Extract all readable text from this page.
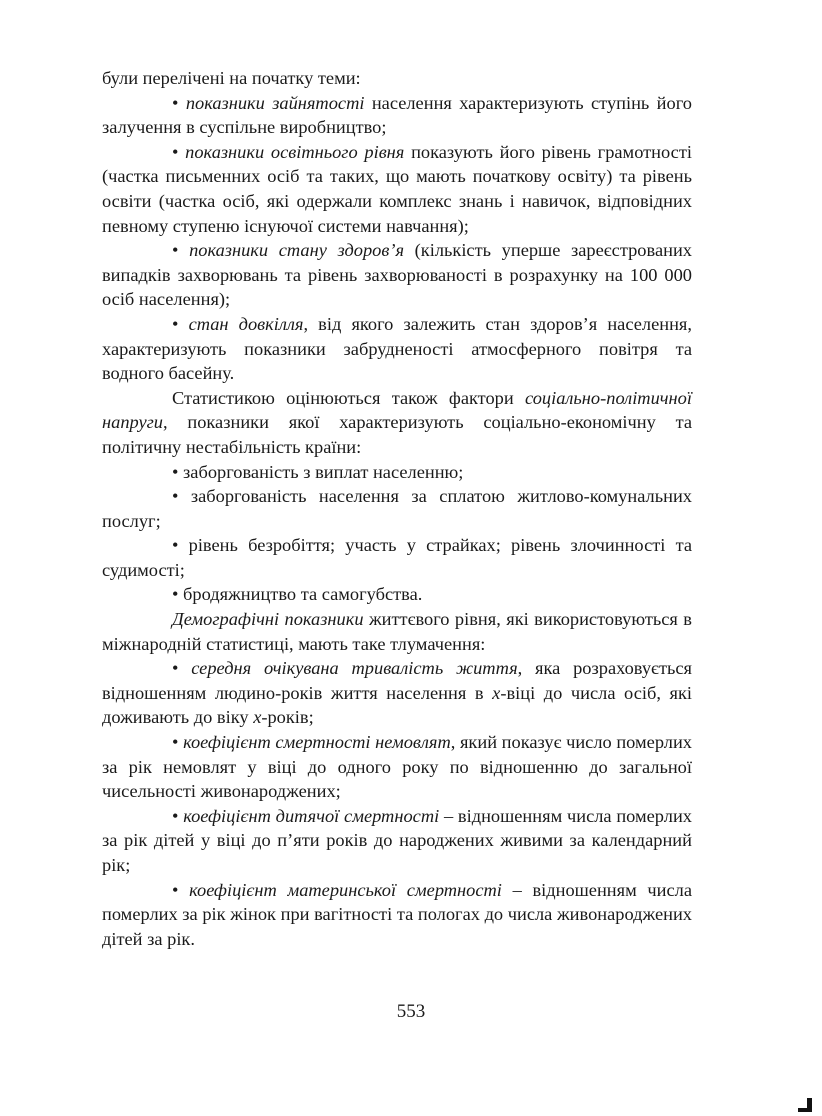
були перелічені на початку теми:

• показники зайнятості населення характеризують ступінь його залучення в суспільне виробництво;

• показники освітнього рівня показують його рівень грамотності (частка письменних осіб та таких, що мають початкову освіту) та рівень освіти (частка осіб, які одержали комплекс знань і навичок, відповідних певному ступеню існуючої системи навчання);

• показники стану здоров’я (кількість уперше зареєстрованих випадків захворювань та рівень захворюваності в розрахунку на 100 000 осіб населення);

• стан довкілля, від якого залежить стан здоров’я населення, характеризують показники забрудненості атмосферного повітря та водного басейну.

Статистикою оцінюються також фактори соціально-політичної напруги, показники якої характеризують соціально-економічну та політичну нестабільність країни:

• заборгованість з виплат населенню;

• заборгованість населення за сплатою житлово-комунальних послуг;

• рівень безробіття; участь у страйках; рівень злочинності та судимості;

• бродяжництво та самогубства.

Демографічні показники життєвого рівня, які використовуються в міжнародній статистиці, мають таке тлумачення:

• середня очікувана тривалість життя, яка розраховується відношенням людино-років життя населення в x-віці до числа осіб, які доживають до віку x-років;

• коефіцієнт смертності немовлят, який показує число померлих за рік немовлят у віці до одного року по відношенню до загальної чисельності живонароджених;

• коефіцієнт дитячої смертності – відношенням числа померлих за рік дітей у віці до п’яти років до народжених живими за календарний рік;

• коефіцієнт материнської смертності – відношенням числа померлих за рік жінок при вагітності та пологах до числа живонароджених дітей за рік.

553
